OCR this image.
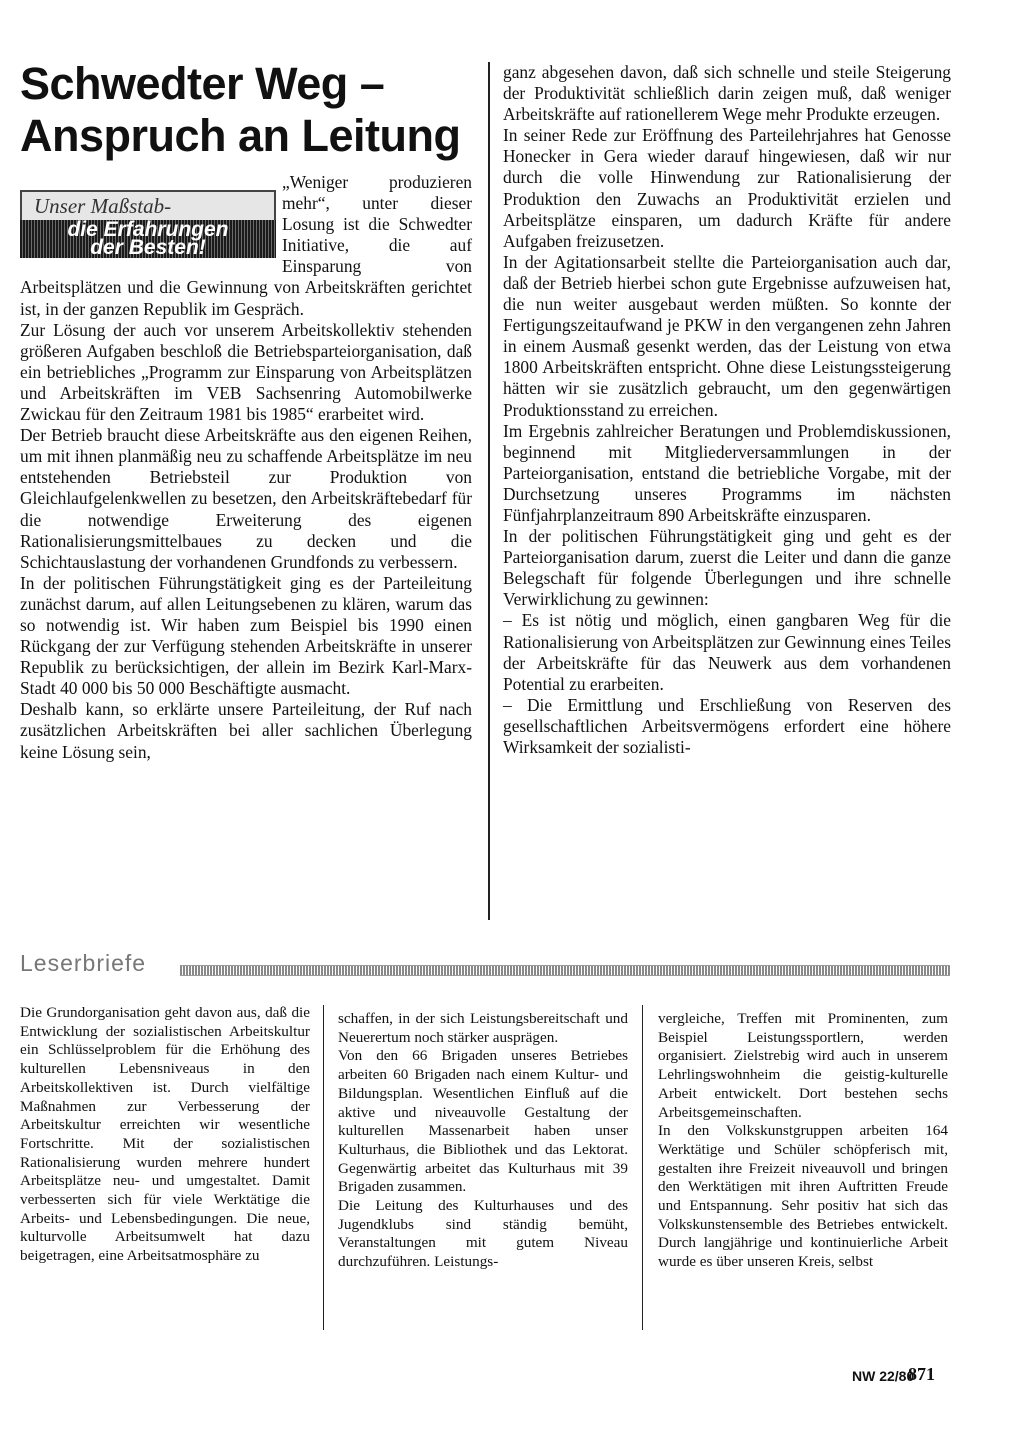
Schwedter Weg –
Anspruch an Leitung

„Weniger produzieren mehr“, unter dieser Losung ist die Schwedter Initiative, die auf Einsparung von Arbeitsplätzen und die Gewinnung von Arbeitskräften gerichtet ist, in der ganzen Republik im Gespräch.

Zur Lösung der auch vor unserem Arbeitskollektiv stehenden größeren Aufgaben beschloß die Betriebsparteiorganisation, daß ein betriebliches „Programm zur Einsparung von Arbeitsplätzen und Arbeitskräften im VEB Sachsenring Automobilwerke Zwickau für den Zeitraum 1981 bis 1985“ erarbeitet wird.

Der Betrieb braucht diese Arbeitskräfte aus den eigenen Reihen, um mit ihnen planmäßig neu zu schaffende Arbeitsplätze im neu entstehenden Betriebsteil zur Produktion von Gleichlaufgelenkwellen zu besetzen, den Arbeitskräftebedarf für die notwendige Erweiterung des eigenen Rationalisierungsmittelbaues zu decken und die Schichtauslastung der vorhandenen Grundfonds zu verbessern.

In der politischen Führungstätigkeit ging es der Parteileitung zunächst darum, auf allen Leitungsebenen zu klären, warum das so notwendig ist. Wir haben zum Beispiel bis 1990 einen Rückgang der zur Verfügung stehenden Arbeitskräfte in unserer Republik zu berücksichtigen, der allein im Bezirk Karl-Marx-Stadt 40 000 bis 50 000 Beschäftigte ausmacht.

Deshalb kann, so erklärte unsere Parteileitung, der Ruf nach zusätzlichen Arbeitskräften bei aller sachlichen Überlegung keine Lösung sein,

Unser Maßstab-
die Erfahrungen
der Besten!

ganz abgesehen davon, daß sich schnelle und steile Steigerung der Produktivität schließlich darin zeigen muß, daß weniger Arbeitskräfte auf rationellerem Wege mehr Produkte erzeugen.

In seiner Rede zur Eröffnung des Parteilehrjahres hat Genosse Honecker in Gera wieder darauf hingewiesen, daß wir nur durch die volle Hinwendung zur Rationalisierung der Produktion den Zuwachs an Produktivität erzielen und Arbeitsplätze einsparen, um dadurch Kräfte für andere Aufgaben freizusetzen.

In der Agitationsarbeit stellte die Parteiorganisation auch dar, daß der Betrieb hierbei schon gute Ergebnisse aufzuweisen hat, die nun weiter ausgebaut werden müßten. So konnte der Fertigungszeitaufwand je PKW in den vergangenen zehn Jahren in einem Ausmaß gesenkt werden, das der Leistung von etwa 1800 Arbeitskräften entspricht. Ohne diese Leistungssteigerung hätten wir sie zusätzlich gebraucht, um den gegenwärtigen Produktionsstand zu erreichen.

Im Ergebnis zahlreicher Beratungen und Problemdiskussionen, beginnend mit Mitgliederversammlungen in der Parteiorganisation, entstand die betriebliche Vorgabe, mit der Durchsetzung unseres Programms im nächsten Fünfjahrplanzeitraum 890 Arbeitskräfte einzusparen.

In der politischen Führungstätigkeit ging und geht es der Parteiorganisation darum, zuerst die Leiter und dann die ganze Belegschaft für folgende Überlegungen und ihre schnelle Verwirklichung zu gewinnen:

– Es ist nötig und möglich, einen gangbaren Weg für die Rationalisierung von Arbeitsplätzen zur Gewinnung eines Teiles der Arbeitskräfte für das Neuwerk aus dem vorhandenen Potential zu erarbeiten.

– Die Ermittlung und Erschließung von Reserven des gesellschaftlichen Arbeitsvermögens erfordert eine höhere Wirksamkeit der sozialisti-

Leserbriefe

Die Grundorganisation geht davon aus, daß die Entwicklung der sozialistischen Arbeitskultur ein Schlüsselproblem für die Erhöhung des kulturellen Lebensniveaus in den Arbeitskollektiven ist. Durch vielfältige Maßnahmen zur Verbesserung der Arbeitskultur erreichten wir wesentliche Fortschritte. Mit der sozialistischen Rationalisierung wurden mehrere hundert Arbeitsplätze neu- und umgestaltet. Damit verbesserten sich für viele Werktätige die Arbeits- und Lebensbedingungen. Die neue, kulturvolle Arbeitsumwelt hat dazu beigetragen, eine Arbeitsatmosphäre zu

schaffen, in der sich Leistungsbereitschaft und Neuerertum noch stärker ausprägen.

Von den 66 Brigaden unseres Betriebes arbeiten 60 Brigaden nach einem Kultur- und Bildungsplan. Wesentlichen Einfluß auf die aktive und niveauvolle Gestaltung der kulturellen Massenarbeit haben unser Kulturhaus, die Bibliothek und das Lektorat. Gegenwärtig arbeitet das Kulturhaus mit 39 Brigaden zusammen.

Die Leitung des Kulturhauses und des Jugendklubs sind ständig bemüht, Veranstaltungen mit gutem Niveau durchzuführen. Leistungs-

vergleiche, Treffen mit Prominenten, zum Beispiel Leistungssportlern, werden organisiert. Zielstrebig wird auch in unserem Lehrlingswohnheim die geistig-kulturelle Arbeit entwickelt. Dort bestehen sechs Arbeitsgemeinschaften.

In den Volkskunstgruppen arbeiten 164 Werktätige und Schüler schöpferisch mit, gestalten ihre Freizeit niveauvoll und bringen den Werktätigen mit ihren Auftritten Freude und Entspannung. Sehr positiv hat sich das Volkskunstensemble des Betriebes entwickelt. Durch langjährige und kontinuierliche Arbeit wurde es über unseren Kreis, selbst

NW 22/80
871
